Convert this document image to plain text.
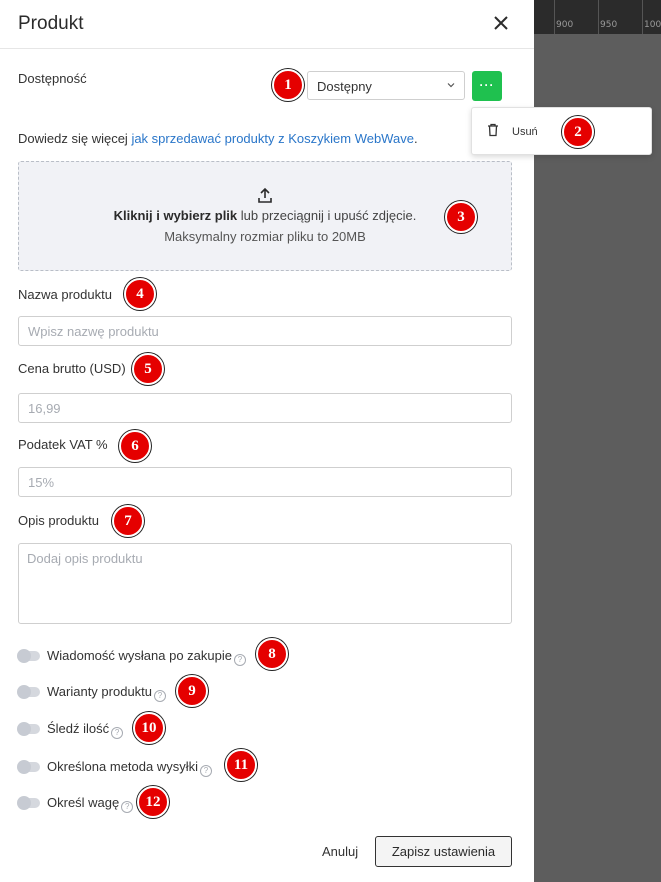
900	950	100
Produkt
Dostępność
Dostępny	···
Dowiedz się więcej jak sprzedawać produkty z Koszykiem WebWave.
Kliknij i wybierz plik lub przeciągnij i upuść zdjęcie.
Maksymalny rozmiar pliku to 20MB
Nazwa produktu
Wpisz nazwę produktu
Cena brutto (USD)
16,99
Podatek VAT %
15%
Opis produktu
Dodaj opis produktu
Wiadomość wysłana po zakupie ?
Warianty produktu ?
Śledź ilość ?
Określona metoda wysyłki ?
Określ wagę ?
Anuluj	Zapisz ustawienia
Usuń
1
2
3
4
5
6
7
8
9
10
11
12
